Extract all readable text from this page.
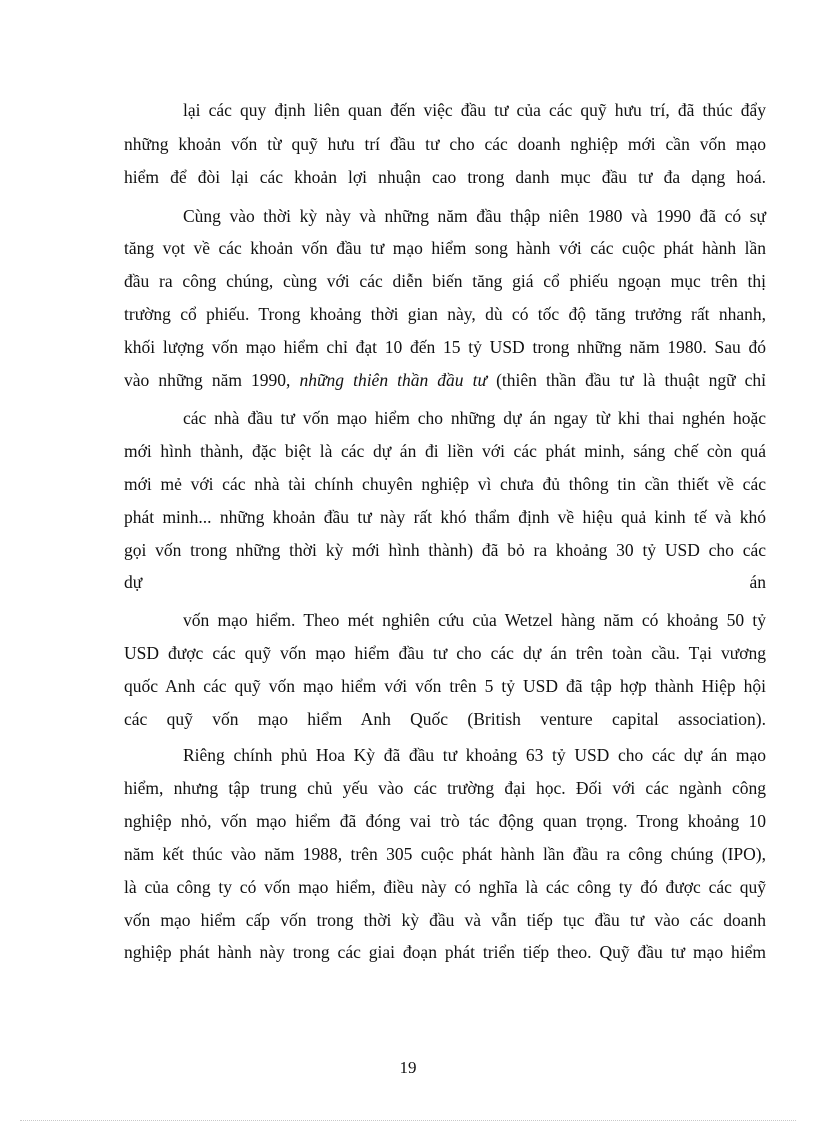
lại các quy định liên quan đến việc đầu tư của các quỹ hưu trí, đã thúc đẩy
những khoản vốn từ quỹ hưu trí đầu tư cho các doanh nghiệp mới cần vốn mạo
hiểm để đòi lại các khoản lợi nhuận cao trong danh mục đầu tư đa dạng hoá.
Cùng vào thời kỳ này và những năm đầu thập niên 1980 và 1990 đã có sự
tăng vọt về các khoản vốn đầu tư mạo hiểm song hành với các cuộc phát hành lần
đầu ra công chúng, cùng với các diễn biến tăng giá cổ phiếu ngoạn mục trên thị
trường cổ phiếu. Trong khoảng thời gian này, dù có tốc độ tăng trưởng rất nhanh,
khối lượng vốn mạo hiểm chỉ đạt 10 đến 15 tỷ USD trong những năm 1980. Sau đó
vào những năm 1990, những thiên thần đầu tư (thiên thần đầu tư là thuật ngữ chỉ
các nhà đầu tư vốn mạo hiểm cho những dự án ngay từ khi thai nghén hoặc
mới hình thành, đặc biệt là các dự án đi liền với các phát minh, sáng chế còn quá
mới mẻ với các nhà tài chính chuyên nghiệp vì chưa đủ thông tin cần thiết về các
phát minh... những khoản đầu tư này rất khó thẩm định về hiệu quả kinh tế và khó
gọi vốn trong những thời kỳ mới hình thành) đã bỏ ra khoảng 30 tỷ USD cho các
dự	án
vốn mạo hiểm. Theo mét nghiên cứu của Wetzel hàng năm có khoảng 50 tỷ
USD được các quỹ vốn mạo hiểm đầu tư cho các dự án trên toàn cầu. Tại vương
quốc Anh các quỹ vốn mạo hiểm với vốn trên 5 tỷ USD đã tập hợp thành Hiệp hội
các quỹ vốn mạo hiểm Anh Quốc (British venture capital association).
Riêng chính phủ Hoa Kỳ đã đầu tư khoảng 63 tỷ USD cho các dự án mạo
hiểm, nhưng tập trung chủ yếu vào các trường đại học. Đối với các ngành công
nghiệp nhỏ, vốn mạo hiểm đã đóng vai trò tác động quan trọng. Trong khoảng 10
năm kết thúc vào năm 1988, trên 305 cuộc phát hành lần đầu ra công chúng (IPO),
là của công ty có vốn mạo hiểm, điều này có nghĩa là các công ty đó được các quỹ
vốn mạo hiểm cấp vốn trong thời kỳ đầu và vẫn tiếp tục đầu tư vào các doanh
nghiệp phát hành này trong các giai đoạn phát triển tiếp theo. Quỹ đầu tư mạo hiểm
19
